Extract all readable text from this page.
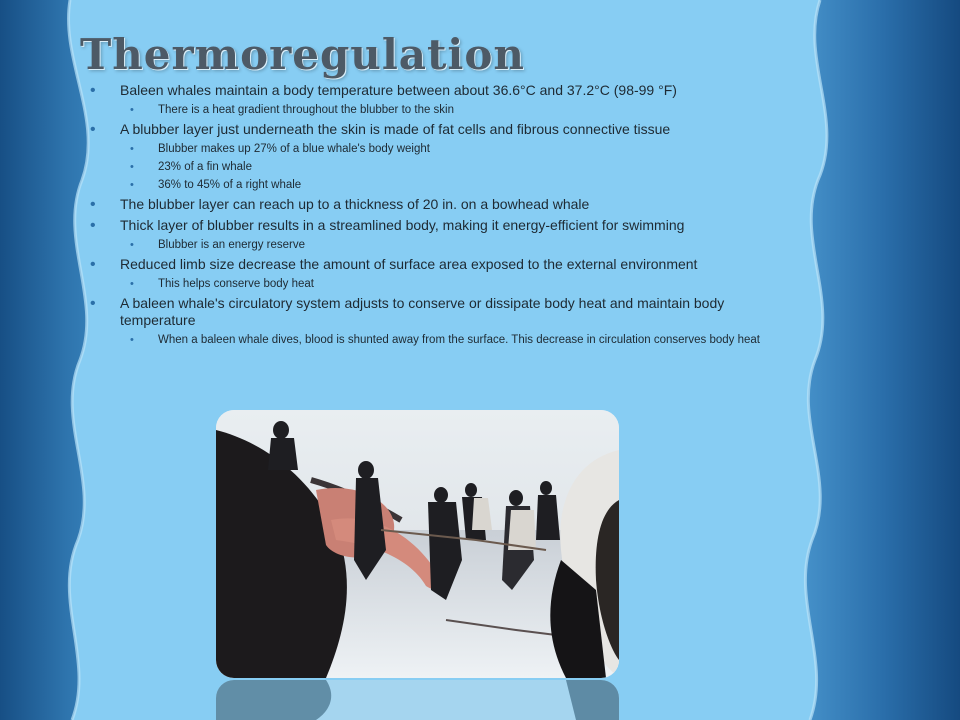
Thermoregulation
• Baleen whales maintain a body temperature between about 36.6°C and 37.2°C (98-99 °F)
• There is a heat gradient throughout the blubber to the skin
• A blubber layer just underneath the skin is made of fat cells and fibrous connective tissue
• Blubber makes up 27% of a blue whale's body weight
• 23% of a fin whale
• 36% to 45% of a right whale
• The blubber layer can reach up to a thickness of 20 in. on a bowhead whale
• Thick layer of blubber results in a streamlined body, making it energy-efficient for swimming
• Blubber is an energy reserve
• Reduced limb size decrease the amount of surface area exposed to the external environment
• This helps conserve body heat
• A baleen whale's circulatory system adjusts to conserve or dissipate body heat and maintain body temperature
• When a baleen whale dives, blood is shunted away from the surface. This decrease in circulation conserves body heat
